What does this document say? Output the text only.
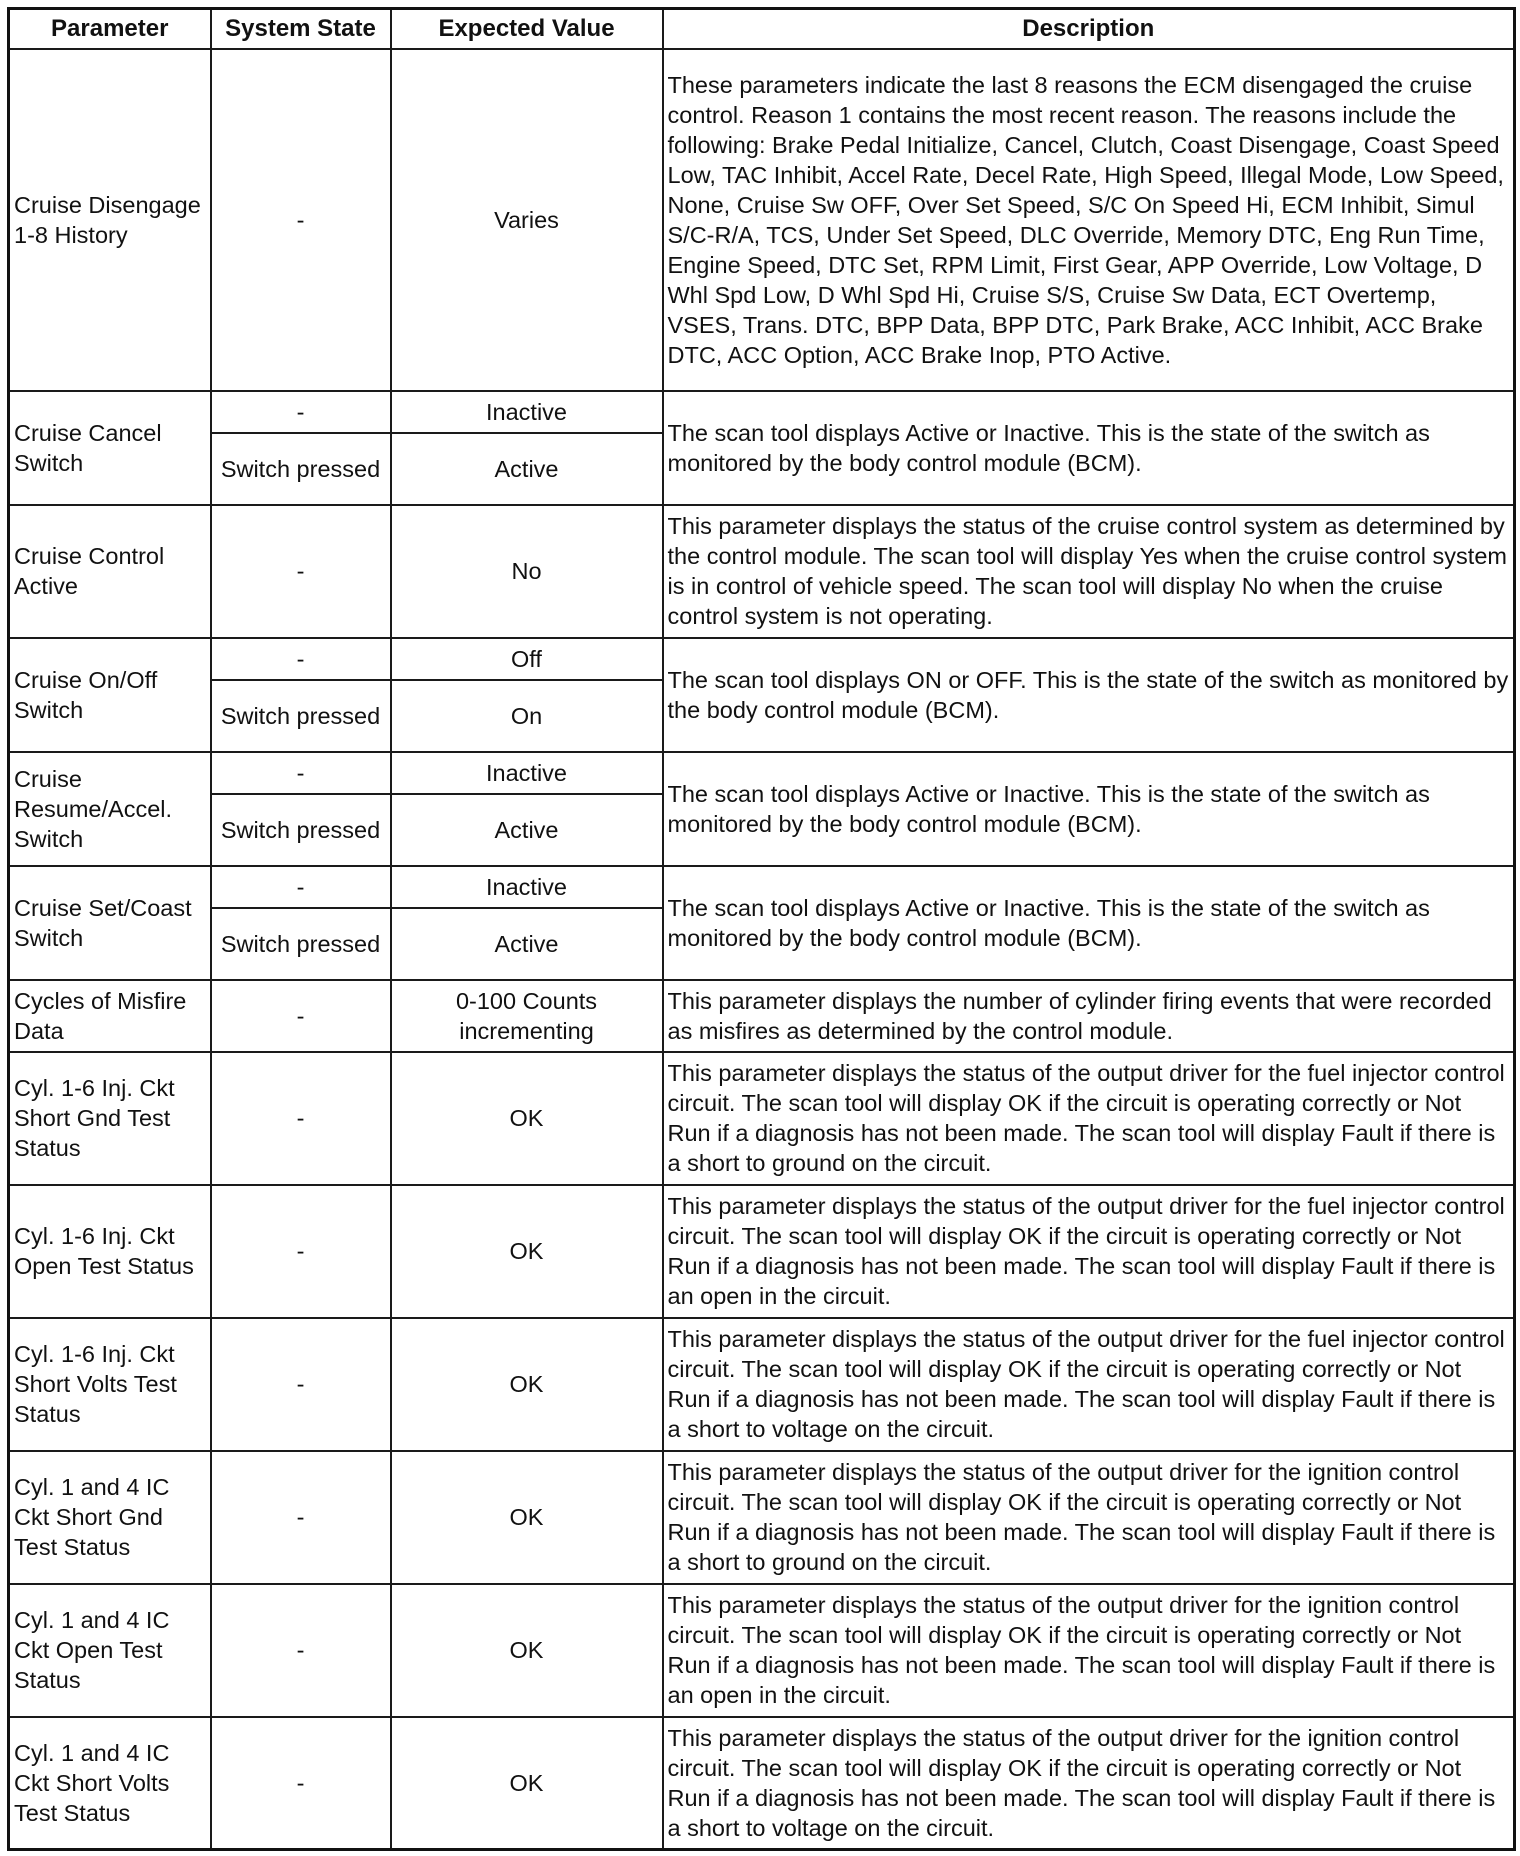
Parameter	System State	Expected Value	Description
Cruise Disengage 1-8 History	-	Varies	These parameters indicate the last 8 reasons the ECM disengaged the cruise control. Reason 1 contains the most recent reason. The reasons include the following: Brake Pedal Initialize, Cancel, Clutch, Coast Disengage, Coast Speed Low, TAC Inhibit, Accel Rate, Decel Rate, High Speed, Illegal Mode, Low Speed, None, Cruise Sw OFF, Over Set Speed, S/C On Speed Hi, ECM Inhibit, Simul S/C-R/A, TCS, Under Set Speed, DLC Override, Memory DTC, Eng Run Time, Engine Speed, DTC Set, RPM Limit, First Gear, APP Override, Low Voltage, D Whl Spd Low, D Whl Spd Hi, Cruise S/S, Cruise Sw Data, ECT Overtemp, VSES, Trans. DTC, BPP Data, BPP DTC, Park Brake, ACC Inhibit, ACC Brake DTC, ACC Option, ACC Brake Inop, PTO Active.
Cruise Cancel Switch	-	Inactive	The scan tool displays Active or Inactive. This is the state of the switch as monitored by the body control module (BCM).
	Switch pressed	Active	
Cruise Control Active	-	No	This parameter displays the status of the cruise control system as determined by the control module. The scan tool will display Yes when the cruise control system is in control of vehicle speed. The scan tool will display No when the cruise control system is not operating.
Cruise On/Off Switch	-	Off	The scan tool displays ON or OFF. This is the state of the switch as monitored by the body control module (BCM).
	Switch pressed	On	
Cruise Resume/Accel. Switch	-	Inactive	The scan tool displays Active or Inactive. This is the state of the switch as monitored by the body control module (BCM).
	Switch pressed	Active	
Cruise Set/Coast Switch	-	Inactive	The scan tool displays Active or Inactive. This is the state of the switch as monitored by the body control module (BCM).
	Switch pressed	Active	
Cycles of Misfire Data	-	0-100 Counts incrementing	This parameter displays the number of cylinder firing events that were recorded as misfires as determined by the control module.
Cyl. 1-6 Inj. Ckt Short Gnd Test Status	-	OK	This parameter displays the status of the output driver for the fuel injector control circuit. The scan tool will display OK if the circuit is operating correctly or Not Run if a diagnosis has not been made. The scan tool will display Fault if there is a short to ground on the circuit.
Cyl. 1-6 Inj. Ckt Open Test Status	-	OK	This parameter displays the status of the output driver for the fuel injector control circuit. The scan tool will display OK if the circuit is operating correctly or Not Run if a diagnosis has not been made. The scan tool will display Fault if there is an open in the circuit.
Cyl. 1-6 Inj. Ckt Short Volts Test Status	-	OK	This parameter displays the status of the output driver for the fuel injector control circuit. The scan tool will display OK if the circuit is operating correctly or Not Run if a diagnosis has not been made. The scan tool will display Fault if there is a short to voltage on the circuit.
Cyl. 1 and 4 IC Ckt Short Gnd Test Status	-	OK	This parameter displays the status of the output driver for the ignition control circuit. The scan tool will display OK if the circuit is operating correctly or Not Run if a diagnosis has not been made. The scan tool will display Fault if there is a short to ground on the circuit.
Cyl. 1 and 4 IC Ckt Open Test Status	-	OK	This parameter displays the status of the output driver for the ignition control circuit. The scan tool will display OK if the circuit is operating correctly or Not Run if a diagnosis has not been made. The scan tool will display Fault if there is an open in the circuit.
Cyl. 1 and 4 IC Ckt Short Volts Test Status	-	OK	This parameter displays the status of the output driver for the ignition control circuit. The scan tool will display OK if the circuit is operating correctly or Not Run if a diagnosis has not been made. The scan tool will display Fault if there is a short to voltage on the circuit.
